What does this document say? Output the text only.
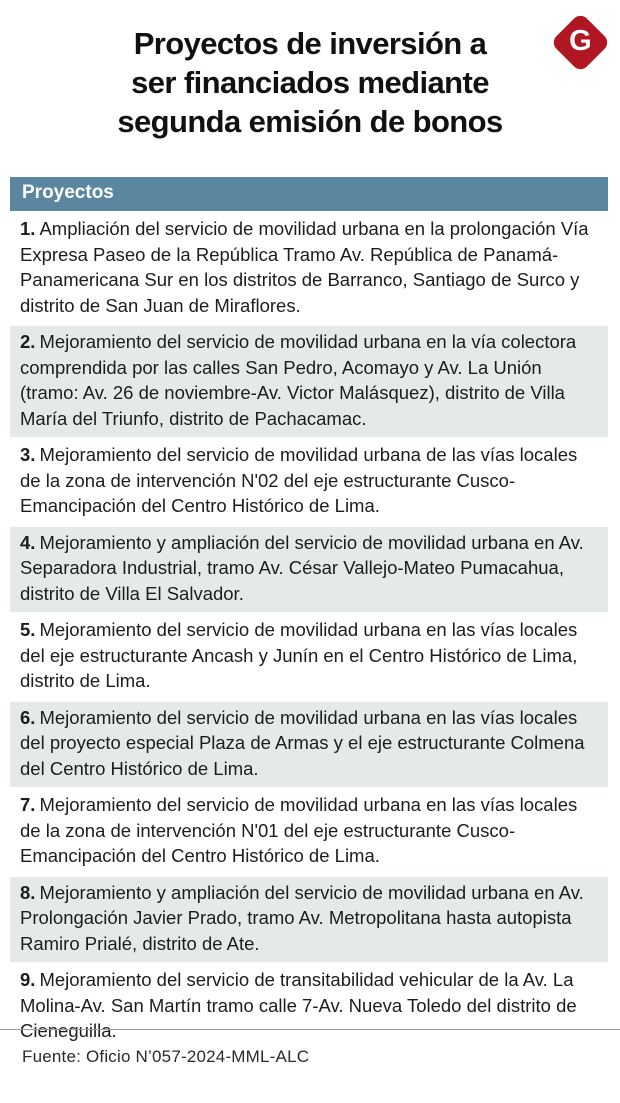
Proyectos de inversión a
ser financiados mediante
segunda emisión de bonos
G
Proyectos

1. Ampliación del servicio de movilidad urbana en la prolongación Vía Expresa Paseo de la República Tramo Av. República de Panamá-Panamericana Sur en los distritos de Barranco, Santiago de Surco y distrito de San Juan de Miraflores.

2. Mejoramiento del servicio de movilidad urbana en la vía colectora comprendida por las calles San Pedro, Acomayo y Av. La Unión (tramo: Av. 26 de noviembre-Av. Victor Malásquez), distrito de Villa María del Triunfo, distrito de Pachacamac.

3. Mejoramiento del servicio de movilidad urbana de las vías locales de la zona de intervención N'02 del eje estructurante Cusco-Emancipación del Centro Histórico de Lima.

4. Mejoramiento y ampliación del servicio de movilidad urbana en Av. Separadora Industrial, tramo Av. César Vallejo-Mateo Pumacahua, distrito de Villa El Salvador.

5. Mejoramiento del servicio de movilidad urbana en las vías locales del eje estructurante Ancash y Junín en el Centro Histórico de Lima, distrito de Lima.

6. Mejoramiento del servicio de movilidad urbana en las vías locales del proyecto especial Plaza de Armas y el eje estructurante Colmena del Centro Histórico de Lima.

7. Mejoramiento del servicio de movilidad urbana en las vías locales de la zona de intervención N'01 del eje estructurante Cusco-Emancipación del Centro Histórico de Lima.

8. Mejoramiento y ampliación del servicio de movilidad urbana en Av. Prolongación Javier Prado, tramo Av. Metropolitana hasta autopista Ramiro Prialé, distrito de Ate.

9. Mejoramiento del servicio de transitabilidad vehicular de la Av. La Molina-Av. San Martín tramo calle 7-Av. Nueva Toledo del distrito de Cieneguilla.

Fuente: Oficio N’057-2024-MML-ALC
